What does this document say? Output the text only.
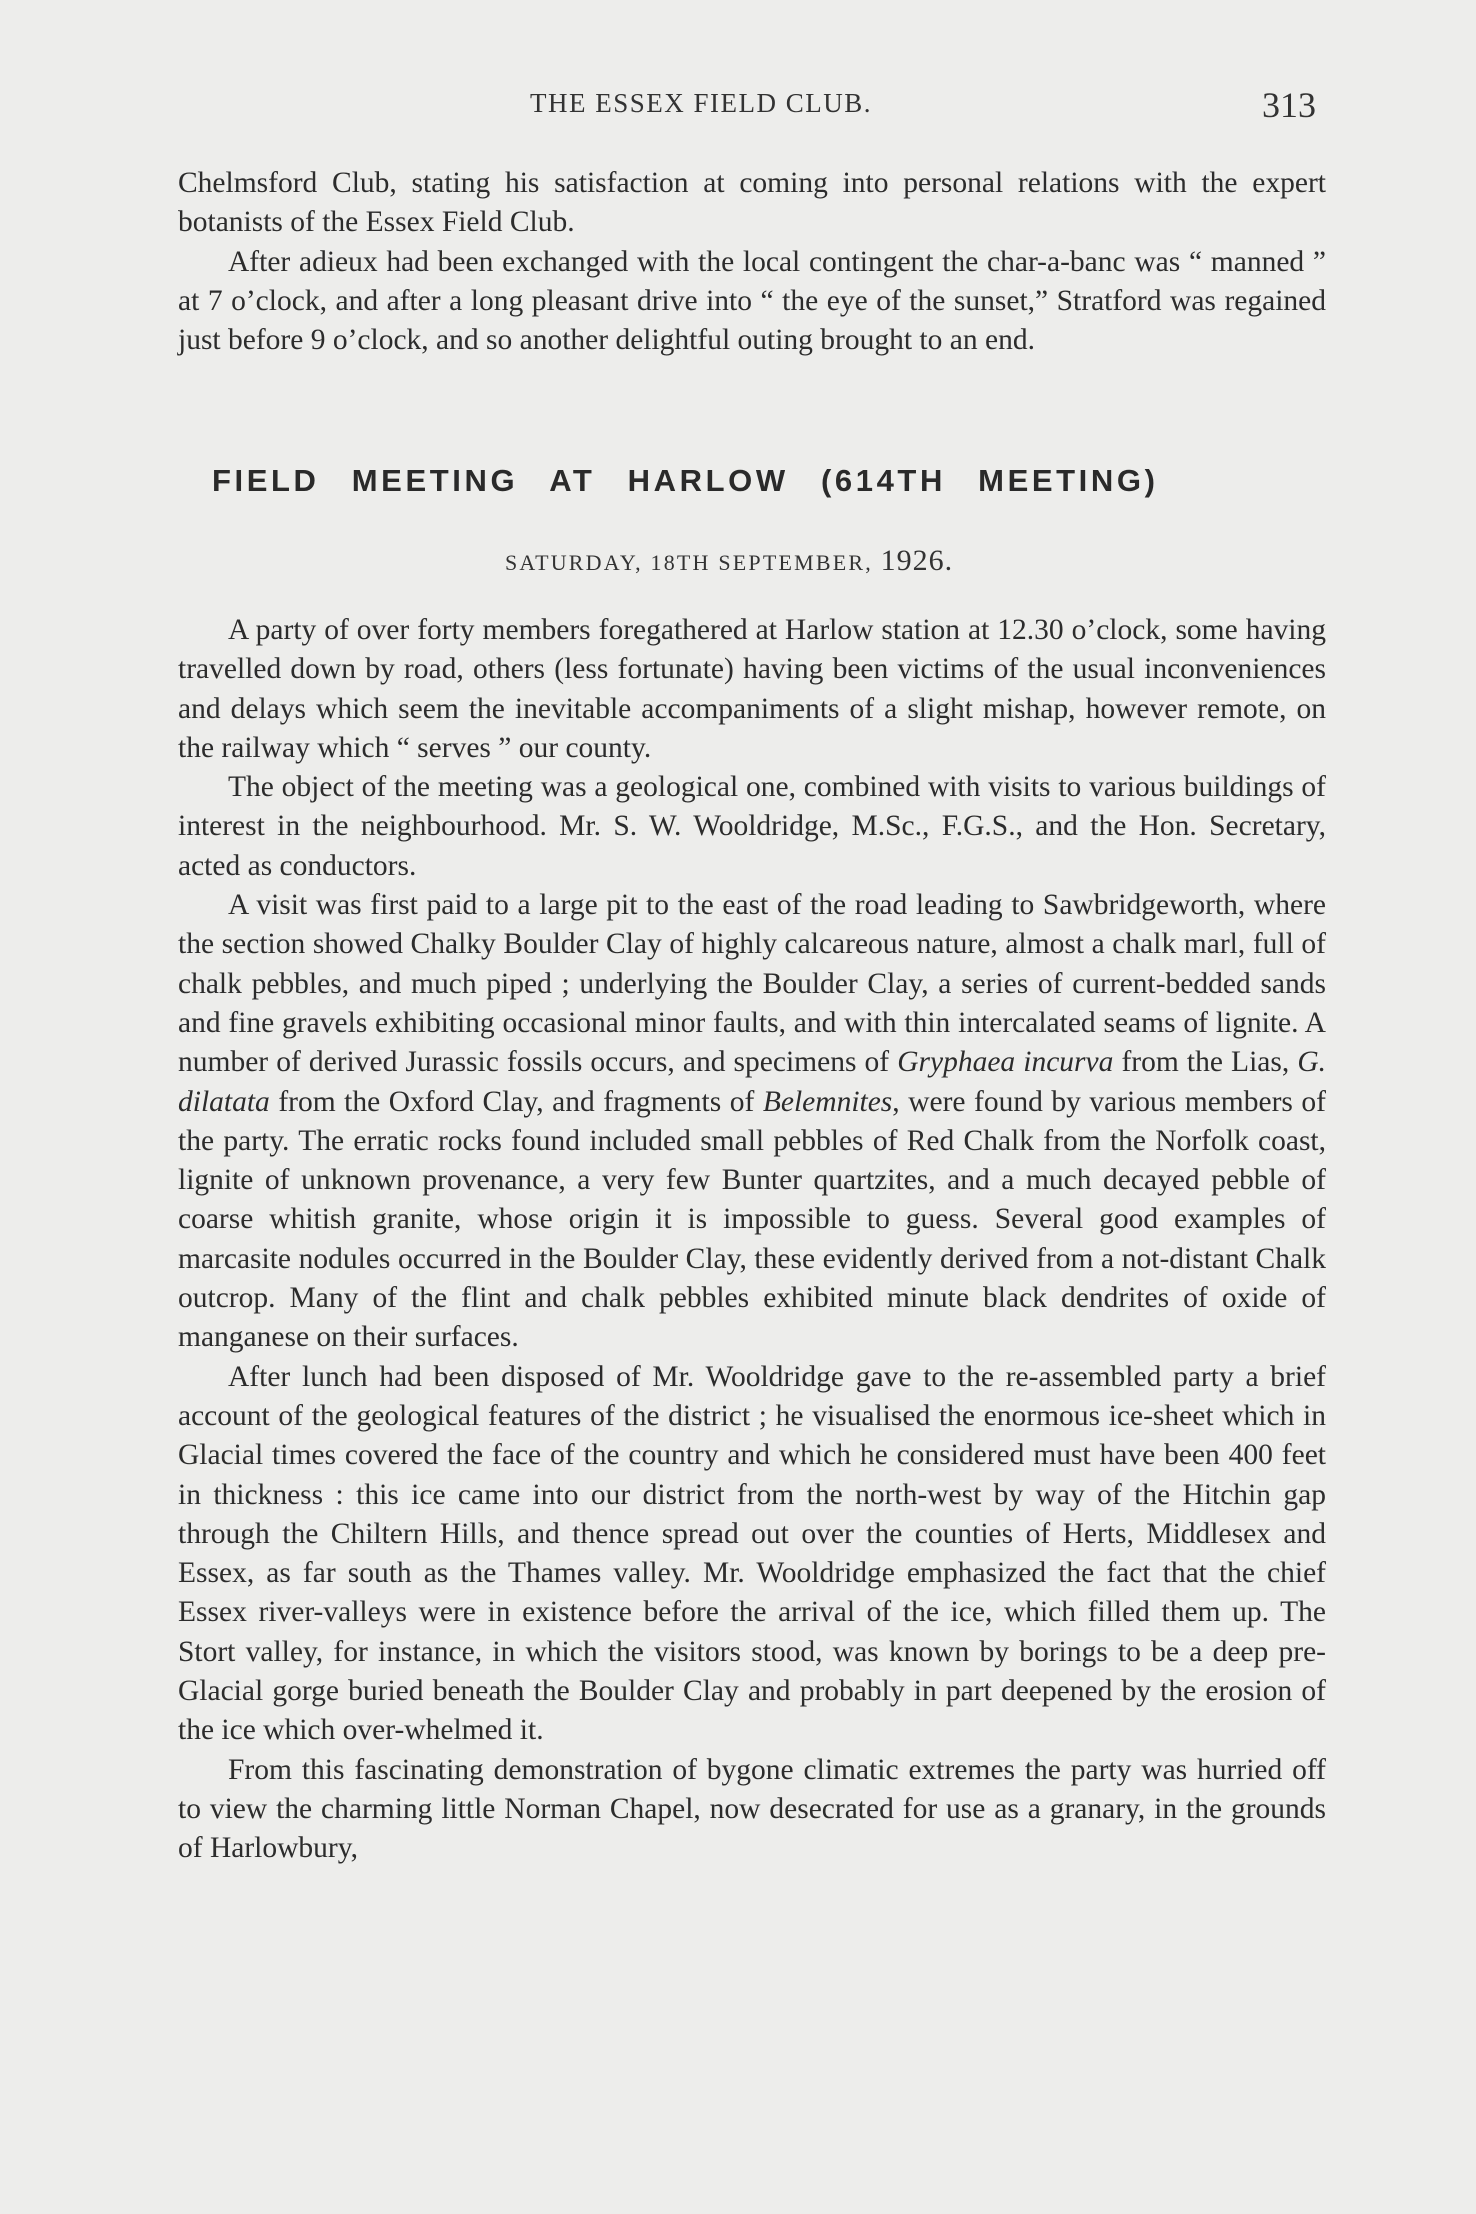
THE ESSEX FIELD CLUB.	313

Chelmsford Club, stating his satisfaction at coming into personal relations with the expert botanists of the Essex Field Club.

After adieux had been exchanged with the local contingent the char-a-banc was “ manned ” at 7 o’clock, and after a long pleasant drive into “ the eye of the sunset,” Stratford was regained just before 9 o’clock, and so another delightful outing brought to an end.

FIELD MEETING AT HARLOW (614TH MEETING)
SATURDAY, 18TH SEPTEMBER, 1926.

A party of over forty members foregathered at Harlow station at 12.30 o’clock, some having travelled down by road, others (less fortunate) having been victims of the usual inconveniences and delays which seem the inevitable accompaniments of a slight mishap, however remote, on the railway which “ serves ” our county.

The object of the meeting was a geological one, combined with visits to various buildings of interest in the neighbourhood. Mr. S. W. Wooldridge, M.Sc., F.G.S., and the Hon. Secretary, acted as conductors.

A visit was first paid to a large pit to the east of the road leading to Sawbridgeworth, where the section showed Chalky Boulder Clay of highly calcareous nature, almost a chalk marl, full of chalk pebbles, and much piped ; underlying the Boulder Clay, a series of current-bedded sands and fine gravels exhibiting occasional minor faults, and with thin intercalated seams of lignite. A number of derived Jurassic fossils occurs, and specimens of Gryphaea incurva from the Lias, G. dilatata from the Oxford Clay, and fragments of Belemnites, were found by various members of the party. The erratic rocks found included small pebbles of Red Chalk from the Norfolk coast, lignite of unknown provenance, a very few Bunter quartzites, and a much decayed pebble of coarse whitish granite, whose origin it is impossible to guess. Several good examples of marcasite nodules occurred in the Boulder Clay, these evidently derived from a not-distant Chalk outcrop. Many of the flint and chalk pebbles exhibited minute black dendrites of oxide of manganese on their surfaces.

After lunch had been disposed of Mr. Wooldridge gave to the re-assembled party a brief account of the geological features of the district ; he visualised the enormous ice-sheet which in Glacial times covered the face of the country and which he considered must have been 400 feet in thickness : this ice came into our district from the north-west by way of the Hitchin gap through the Chiltern Hills, and thence spread out over the counties of Herts, Middlesex and Essex, as far south as the Thames valley. Mr. Wooldridge emphasized the fact that the chief Essex river-valleys were in existence before the arrival of the ice, which filled them up. The Stort valley, for instance, in which the visitors stood, was known by borings to be a deep pre-Glacial gorge buried beneath the Boulder Clay and probably in part deepened by the erosion of the ice which over-whelmed it.

From this fascinating demonstration of bygone climatic extremes the party was hurried off to view the charming little Norman Chapel, now desecrated for use as a granary, in the grounds of Harlowbury,
